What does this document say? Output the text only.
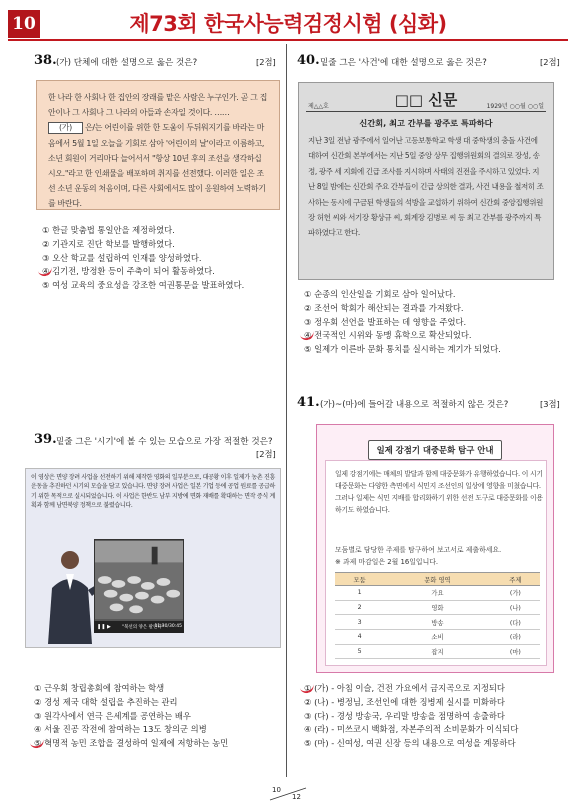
10	제73회 한국사능력검정시험 (심화)
38. (가) 단체에 대한 설명으로 옳은 것은?	[2점]

한 나라 한 사회나 한 집안의 장래를 맡은 사람은 누구인가. 곧 그 집안이나 그 사회나 그 나라의 아들과 손자일 것이다. ……
(가) 은/는 어린이를 위한 한 도움이 두뒤워지기를 바라는 마음에서 5월 1일 오늘을 기회로 삼아 '어린이의 날'이라고 이름하고, 소년 회원이 거리마다 늘어서서 "항상 10년 후의 조선을 생각하십시오."라고 한 인쇄물을 배포하며 취지를 선전했다. 이러한 일은 조선 소년 운동의 처음이며, 다른 사회에서도 많이 응원하여 노력하기를 바란다.

① 한글 맞춤법 통일안을 제정하였다.
② 기관지로 진단 학보를 발행하였다.
③ 오산 학교를 설립하여 인재를 양성하였다.
④ 김기전, 방정환 등이 주축이 되어 활동하였다.
⑤ 여성 교육의 중요성을 강조한 여권통문을 발표하였다.
40. 밑줄 그은 '사건'에 대한 설명으로 옳은 것은?	[2점]
□□ 신문
제△△호	1929년 ○○월 ○○일
신간회, 최고 간부를 광주로 특파하다
지난 3일 전남 광주에서 일어난 고등보통학교 학생 대 중학생의 충돌 사건에 대하여 신간회 본부에서는 지난 5일 중앙 상무 집행위원회의 결의로 장성, 송정, 광주 세 지회에 긴급 조사를 지시하며 사태의 진전을 주시하고 있었다. 지난 8일 밤에는 신간회 주요 간부들이 긴급 상의한 결과, 사건 내용을 철저히 조사하는 동시에 구금된 학생들의 석방을 교섭하기 위하여 신간회 중앙집행위원장 허헌 씨와 서기장 황상규 씨, 회계장 김병로 씨 등 최고 간부를 광주까지 특파하였다고 한다.
① 순종의 인산일을 기회로 삼아 일어났다.
② 조선어 학회가 해산되는 결과를 가져왔다.
③ 정우회 선언을 발표하는 데 영향을 주었다.
④ 전국적인 시위와 동맹 휴학으로 확산되었다.
⑤ 일제가 이른바 문화 통치를 실시하는 계기가 되었다.
39. 밑줄 그은 '시기'에 볼 수 있는 모습으로 가장 적절한 것은?
[2점]
이 영상은 면양 장려 사업을 선전하기 위해 제작한 영화의 일부분으로, 대공황 이후 일제가 농촌 진흥 운동을 추진하던 시기의 모습을 담고 있습니다. 면양 장려 사업은 일본 기업 등에 공업 원료를 공급하기 위한 목적으로 실시되었습니다. 이 사업은 한반도 남부 지방에 면화 재배를 확대하는 면작 증식 계획과 함께 남면북양 정책으로 불렸습니다.
❚❚ ▶ "북선의 양은 팔린다"
11:30/30:45
① 근우회 창립총회에 참여하는 학생
② 경성 제국 대학 설립을 추진하는 관리
③ 원각사에서 연극 은세계를 공연하는 배우
④ 서울 진공 작전에 참여하는 13도 창의군 의병
⑤ 혁명적 농민 조합을 결성하여 일제에 저항하는 농민
41. (가)~(마)에 들어갈 내용으로 적절하지 않은 것은?	[3점]
일제 강점기 대중문화 탐구 안내
일제 강점기에는 매체의 발달과 함께 대중문화가 유행하였습니다. 이 시기 대중문화는 다양한 측면에서 식민지 조선인의 일상에 영향을 미쳤습니다. 그러나 일제는 식민 지배를 합리화하기 위한 선전 도구로 대중문화를 이용하기도 하였습니다.
모둠별로 담당한 주제를 탐구하여 보고서로 제출하세요.
※ 과제 마감일은 2월 16일입니다.
모둠	문화 영역	주제
1	가요	(가)
2	영화	(나)
3	방송	(다)
4	소비	(라)
5	잡지	(마)
① (가) - 아침 이슬, 건전 가요에서 금지곡으로 지정되다
② (나) - 병정님, 조선인에 대한 징병제 실시를 미화하다
③ (다) - 경성 방송국, 우리말 방송을 점명하여 송출하다
④ (라) - 미쓰코시 백화점, 자본주의적 소비문화가 이식되다
⑤ (마) - 신여성, 여권 신장 등의 내용으로 여성을 계몽하다
10
12
